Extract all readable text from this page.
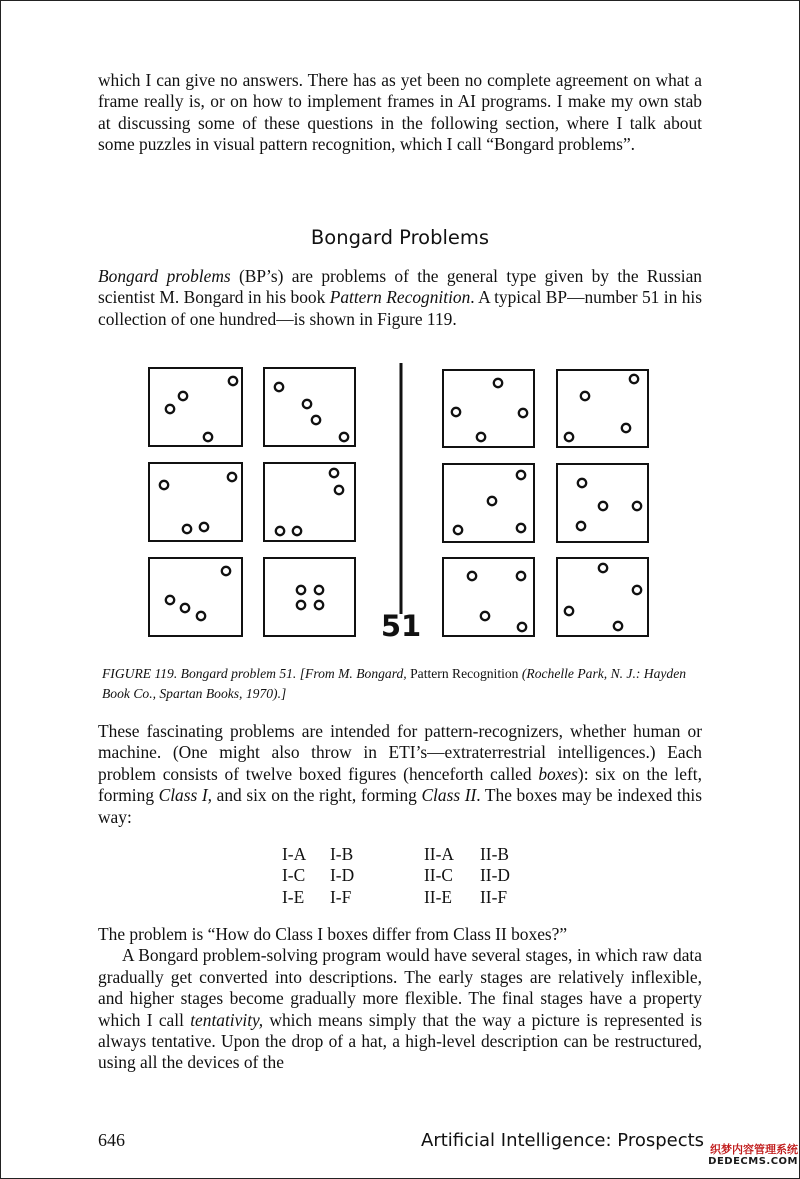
which I can give no answers. There has as yet been no complete agreement on what a frame really is, or on how to implement frames in AI programs. I make my own stab at discussing some of these questions in the following section, where I talk about some puzzles in visual pattern recognition, which I call “Bongard problems”.

Bongard Problems

Bongard problems (BP’s) are problems of the general type given by the Russian scientist M. Bongard in his book Pattern Recognition. A typical BP—number 51 in his collection of one hundred—is shown in Figure 119.

51
FIGURE 119. Bongard problem 51. [From M. Bongard, Pattern Recognition (Rochelle Park, N. J.: Hayden Book Co., Spartan Books, 1970).]

These fascinating problems are intended for pattern-recognizers, whether human or machine. (One might also throw in ETI’s—extraterrestrial intelligences.) Each problem consists of twelve boxed figures (henceforth called boxes): six on the left, forming Class I, and six on the right, forming Class II. The boxes may be indexed this way:

I-A	I-B	II-A	II-B
I-C	I-D	II-C	II-D
I-E	I-F	II-E	II-F

The problem is “How do Class I boxes differ from Class II boxes?”

A Bongard problem-solving program would have several stages, in which raw data gradually get converted into descriptions. The early stages are relatively inflexible, and higher stages become gradually more flexible. The final stages have a property which I call tentativity, which means simply that the way a picture is represented is always tentative. Upon the drop of a hat, a high-level description can be restructured, using all the devices of the

646	Artificial Intelligence: Prospects 织梦内容管理系统
DEDECMS.COM
